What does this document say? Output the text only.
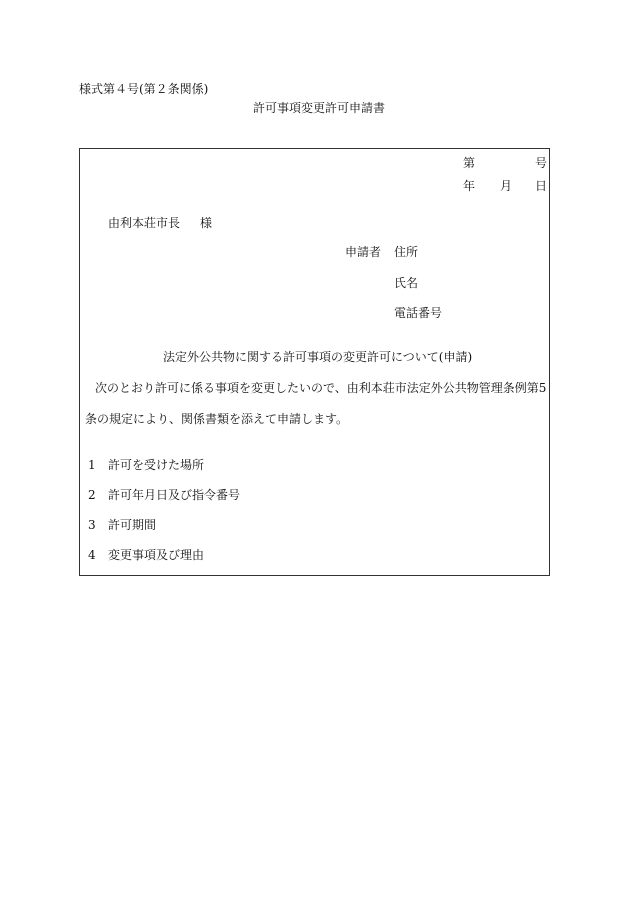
様式第４号(第２条関係)
許可事項変更許可申請書
第	号
年 月 日
由利本荘市長 様
申請者 住所
氏名
電話番号
法定外公共物に関する許可事項の変更許可について(申請)
次のとおり許可に係る事項を変更したいので、由利本荘市法定外公共物管理条例第5
条の規定により、関係書類を添えて申請します。
1 許可を受けた場所
2 許可年月日及び指令番号
3 許可期間
4 変更事項及び理由
